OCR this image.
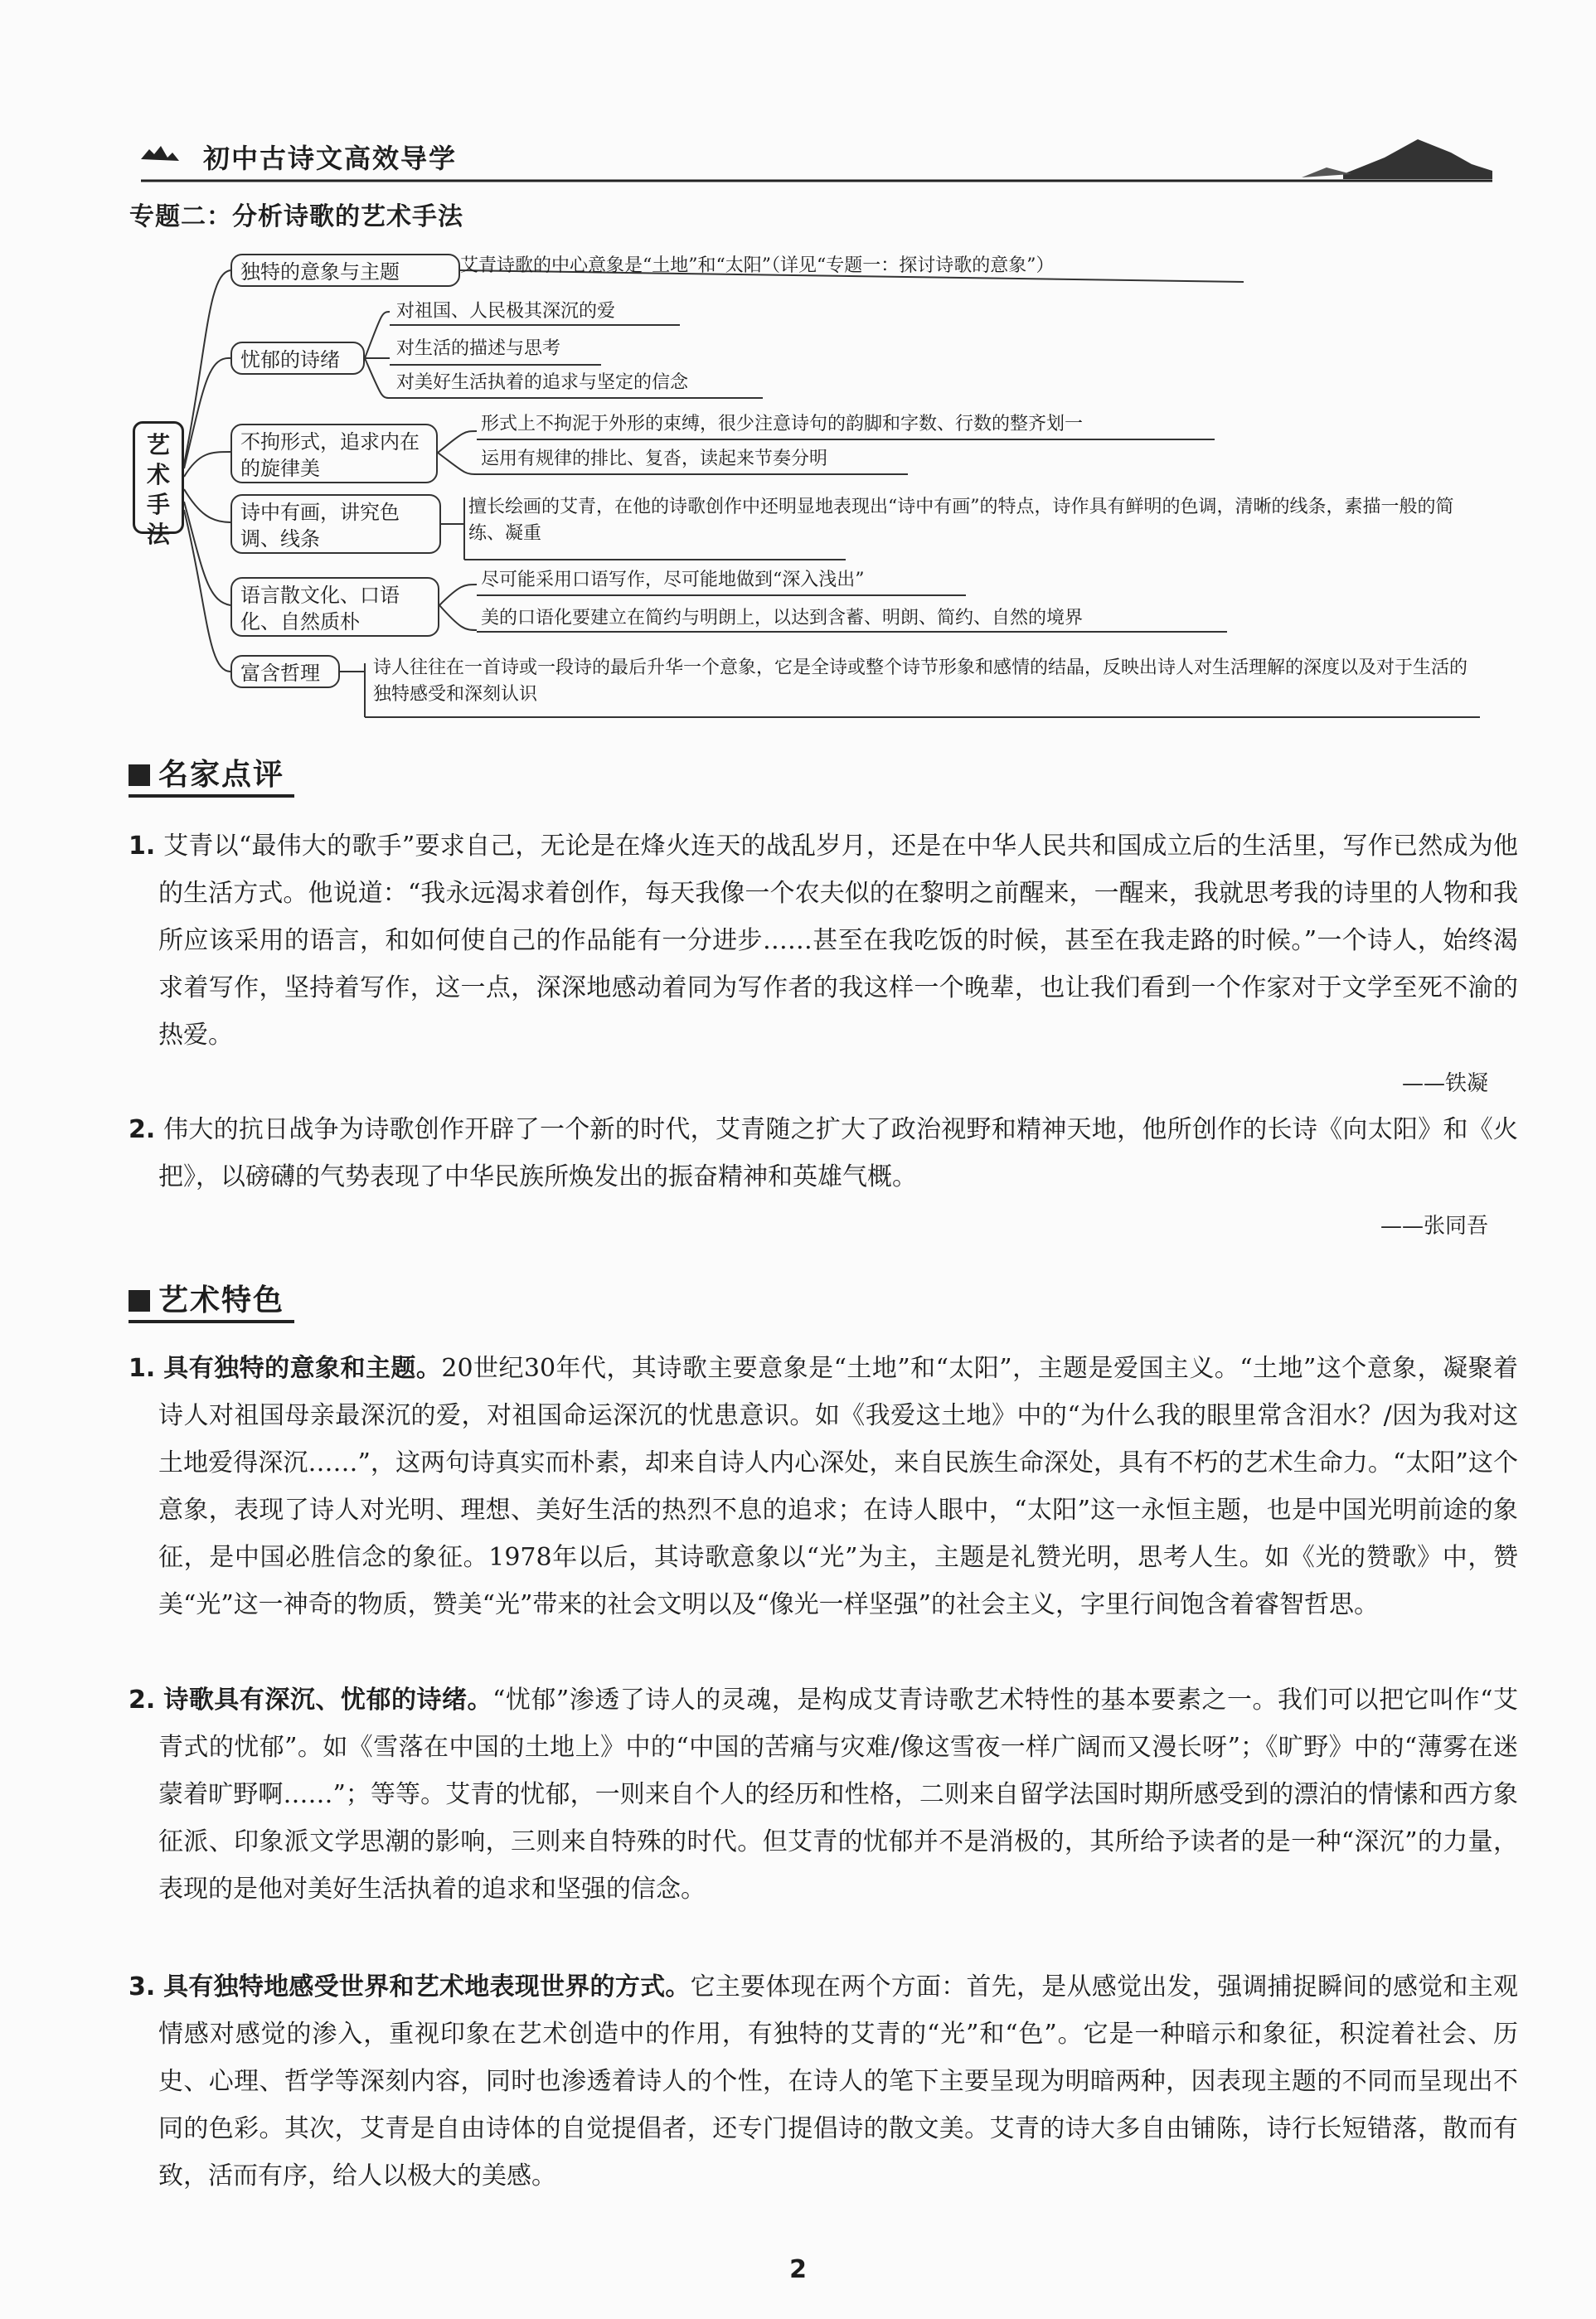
初中古诗文高效导学
专题二：分析诗歌的艺术手法
艺术手法
独特的意象与主题	艾青诗歌的中心意象是“土地”和“太阳”（详见“专题一：探讨诗歌的意象”）
忧郁的诗绪
对祖国、人民极其深沉的爱
对生活的描述与思考
对美好生活执着的追求与坚定的信念
不拘形式，追求内在的旋律美
形式上不拘泥于外形的束缚，很少注意诗句的韵脚和字数、行数的整齐划一
运用有规律的排比、复沓，读起来节奏分明
诗中有画，讲究色调、线条
擅长绘画的艾青，在他的诗歌创作中还明显地表现出“诗中有画”的特点，诗作具有鲜明的色调，清晰的线条，素描一般的简练、凝重
语言散文化、口语化、自然质朴
尽可能采用口语写作，尽可能地做到“深入浅出”
美的口语化要建立在简约与明朗上，以达到含蓄、明朗、简约、自然的境界
富含哲理	诗人往往在一首诗或一段诗的最后升华一个意象，它是全诗或整个诗节形象和感情的结晶，反映出诗人对生活理解的深度以及对于生活的独特感受和深刻认识
名家点评
1. 艾青以“最伟大的歌手”要求自己，无论是在烽火连天的战乱岁月，还是在中华人民共和国成立后的生活里，写作已然成为他的生活方式。他说道：“我永远渴求着创作，每天我像一个农夫似的在黎明之前醒来，一醒来，我就思考我的诗里的人物和我所应该采用的语言，和如何使自己的作品能有一分进步……甚至在我吃饭的时候，甚至在我走路的时候。”一个诗人，始终渴求着写作，坚持着写作，这一点，深深地感动着同为写作者的我这样一个晚辈，也让我们看到一个作家对于文学至死不渝的热爱。
——铁凝
2. 伟大的抗日战争为诗歌创作开辟了一个新的时代，艾青随之扩大了政治视野和精神天地，他所创作的长诗《向太阳》和《火把》，以磅礴的气势表现了中华民族所焕发出的振奋精神和英雄气概。
——张同吾
艺术特色
1. 具有独特的意象和主题。20世纪30年代，其诗歌主要意象是“土地”和“太阳”，主题是爱国主义。“土地”这个意象，凝聚着诗人对祖国母亲最深沉的爱，对祖国命运深沉的忧患意识。如《我爱这土地》中的“为什么我的眼里常含泪水？/因为我对这土地爱得深沉……”，这两句诗真实而朴素，却来自诗人内心深处，来自民族生命深处，具有不朽的艺术生命力。“太阳”这个意象，表现了诗人对光明、理想、美好生活的热烈不息的追求；在诗人眼中，“太阳”这一永恒主题，也是中国光明前途的象征，是中国必胜信念的象征。1978年以后，其诗歌意象以“光”为主，主题是礼赞光明，思考人生。如《光的赞歌》中，赞美“光”这一神奇的物质，赞美“光”带来的社会文明以及“像光一样坚强”的社会主义，字里行间饱含着睿智哲思。
2. 诗歌具有深沉、忧郁的诗绪。“忧郁”渗透了诗人的灵魂，是构成艾青诗歌艺术特性的基本要素之一。我们可以把它叫作“艾青式的忧郁”。如《雪落在中国的土地上》中的“中国的苦痛与灾难/像这雪夜一样广阔而又漫长呀”；《旷野》中的“薄雾在迷蒙着旷野啊……”；等等。艾青的忧郁，一则来自个人的经历和性格，二则来自留学法国时期所感受到的漂泊的情愫和西方象征派、印象派文学思潮的影响，三则来自特殊的时代。但艾青的忧郁并不是消极的，其所给予读者的是一种“深沉”的力量，表现的是他对美好生活执着的追求和坚强的信念。
3. 具有独特地感受世界和艺术地表现世界的方式。它主要体现在两个方面：首先，是从感觉出发，强调捕捉瞬间的感觉和主观情感对感觉的渗入，重视印象在艺术创造中的作用，有独特的艾青的“光”和“色”。它是一种暗示和象征，积淀着社会、历史、心理、哲学等深刻内容，同时也渗透着诗人的个性，在诗人的笔下主要呈现为明暗两种，因表现主题的不同而呈现出不同的色彩。其次，艾青是自由诗体的自觉提倡者，还专门提倡诗的散文美。艾青的诗大多自由铺陈，诗行长短错落，散而有致，活而有序，给人以极大的美感。
2
